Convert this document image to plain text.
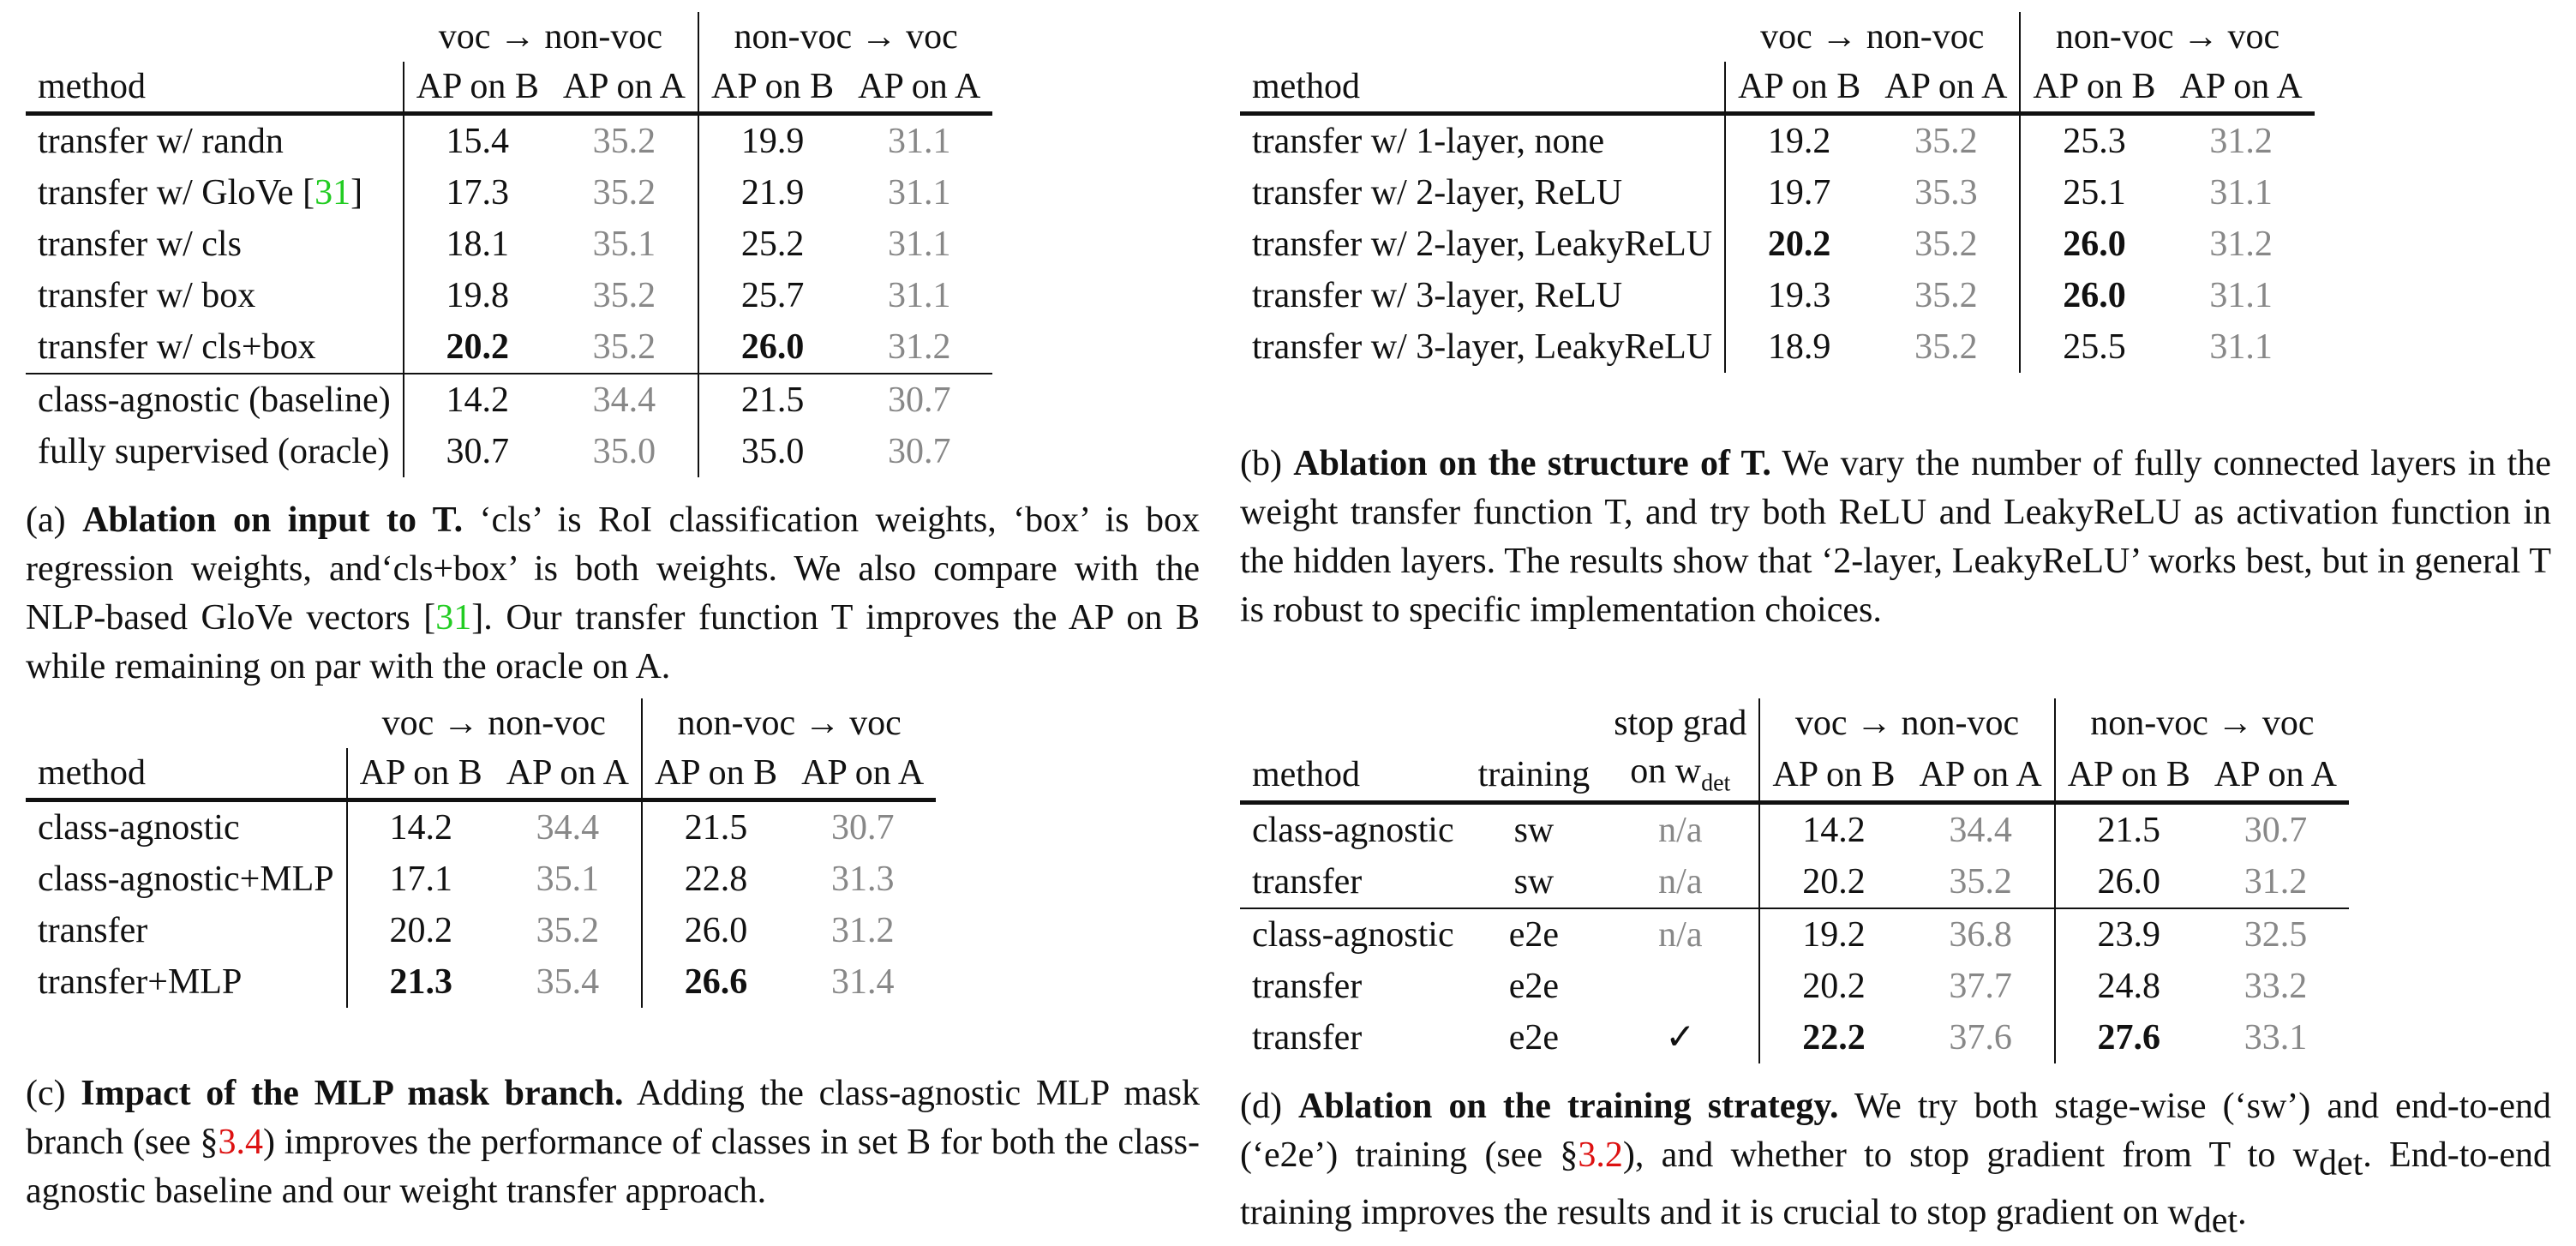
	voc → non-voc		non-voc → voc	
method	AP on B	AP on A	AP on B	AP on A
transfer w/ randn	15.4	35.2	19.9	31.1
transfer w/ GloVe [31]	17.3	35.2	21.9	31.1
transfer w/ cls	18.1	35.1	25.2	31.1
transfer w/ box	19.8	35.2	25.7	31.1
transfer w/ cls+box	20.2	35.2	26.0	31.2
class-agnostic (baseline)	14.2	34.4	21.5	30.7
fully supervised (oracle)	30.7	35.0	35.0	30.7
(a) Ablation on input to T. ‘cls’ is RoI classification weights, ‘box’ is box regression weights, and‘cls+box’ is both weights. We also compare with the NLP-based GloVe vectors [31]. Our transfer function T improves the AP on B while remaining on par with the oracle on A.
	voc → non-voc		non-voc → voc	
method	AP on B	AP on A	AP on B	AP on A
transfer w/ 1-layer, none	19.2	35.2	25.3	31.2
transfer w/ 2-layer, ReLU	19.7	35.3	25.1	31.1
transfer w/ 2-layer, LeakyReLU	20.2	35.2	26.0	31.2
transfer w/ 3-layer, ReLU	19.3	35.2	26.0	31.1
transfer w/ 3-layer, LeakyReLU	18.9	35.2	25.5	31.1
(b) Ablation on the structure of T. We vary the number of fully connected layers in the weight transfer function T, and try both ReLU and LeakyReLU as activation function in the hidden layers. The results show that ‘2-layer, LeakyReLU’ works best, but in general T is robust to specific implementation choices.
	voc → non-voc		non-voc → voc	
method	AP on B	AP on A	AP on B	AP on A
class-agnostic	14.2	34.4	21.5	30.7
class-agnostic+MLP	17.1	35.1	22.8	31.3
transfer	20.2	35.2	26.0	31.2
transfer+MLP	21.3	35.4	26.6	31.4
(c) Impact of the MLP mask branch. Adding the class-agnostic MLP mask branch (see §3.4) improves the performance of classes in set B for both the class-agnostic baseline and our weight transfer approach.
		stop grad	voc → non-voc		non-voc → voc	
method	training	on $w_{det}$	AP on B	AP on A	AP on B	AP on A
class-agnostic	sw	n/a	14.2	34.4	21.5	30.7
transfer	sw	n/a	20.2	35.2	26.0	31.2
class-agnostic	e2e	n/a	19.2	36.8	23.9	32.5
transfer	e2e		20.2	37.7	24.8	33.2
transfer	e2e	✓	22.2	37.6	27.6	33.1
(d) Ablation on the training strategy. We try both stage-wise (‘sw’) and end-to-end (‘e2e’) training (see §3.2), and whether to stop gradient from T to wdet. End-to-end training improves the results and it is crucial to stop gradient on wdet.
